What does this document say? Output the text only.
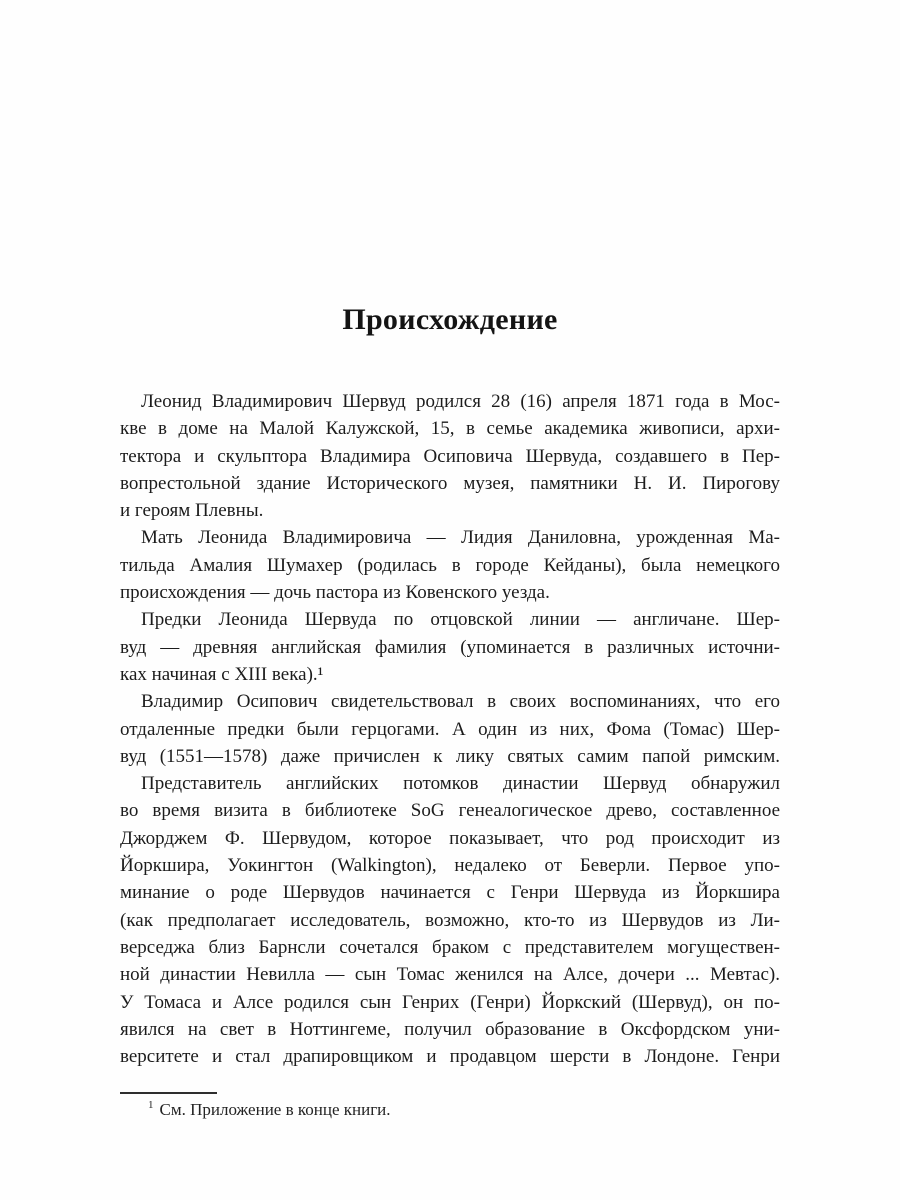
Происхождение
Леонид Владимирович Шервуд родился 28 (16) апреля 1871 года в Мос-
кве в доме на Малой Калужской, 15, в семье академика живописи, архи-
тектора и скульптора Владимира Осиповича Шервуда, создавшего в Пер-
вопрестольной здание Исторического музея, памятники Н. И. Пирогову
и героям Плевны.
Мать Леонида Владимировича — Лидия Даниловна, урожденная Ма-
тильда Амалия Шумахер (родилась в городе Кейданы), была немецкого
происхождения — дочь пастора из Ковенского уезда.
Предки Леонида Шервуда по отцовской линии — англичане. Шер-
вуд — древняя английская фамилия (упоминается в различных источни-
ках начиная с XIII века).¹
Владимир Осипович свидетельствовал в своих воспоминаниях, что его
отдаленные предки были герцогами. А один из них, Фома (Томас) Шер-
вуд (1551—1578) даже причислен к лику святых самим папой римским.
Представитель английских потомков династии Шервуд обнаружил
во время визита в библиотеке SoG генеалогическое древо, составленное
Джорджем Ф. Шервудом, которое показывает, что род происходит из
Йоркшира, Уокингтон (Walkington), недалеко от Беверли. Первое упо-
минание о роде Шервудов начинается с Генри Шервуда из Йоркшира
(как предполагает исследователь, возможно, кто-то из Шервудов из Ли-
верседжа близ Барнсли сочетался браком с представителем могуществен-
ной династии Невилла — сын Томас женился на Алсе, дочери ... Мевтас).
У Томаса и Алсе родился сын Генрих (Генри) Йоркский (Шервуд), он по-
явился на свет в Ноттингеме, получил образование в Оксфордском уни-
верситете и стал драпировщиком и продавцом шерсти в Лондоне. Генри
$^1$ См. Приложение в конце книги.
